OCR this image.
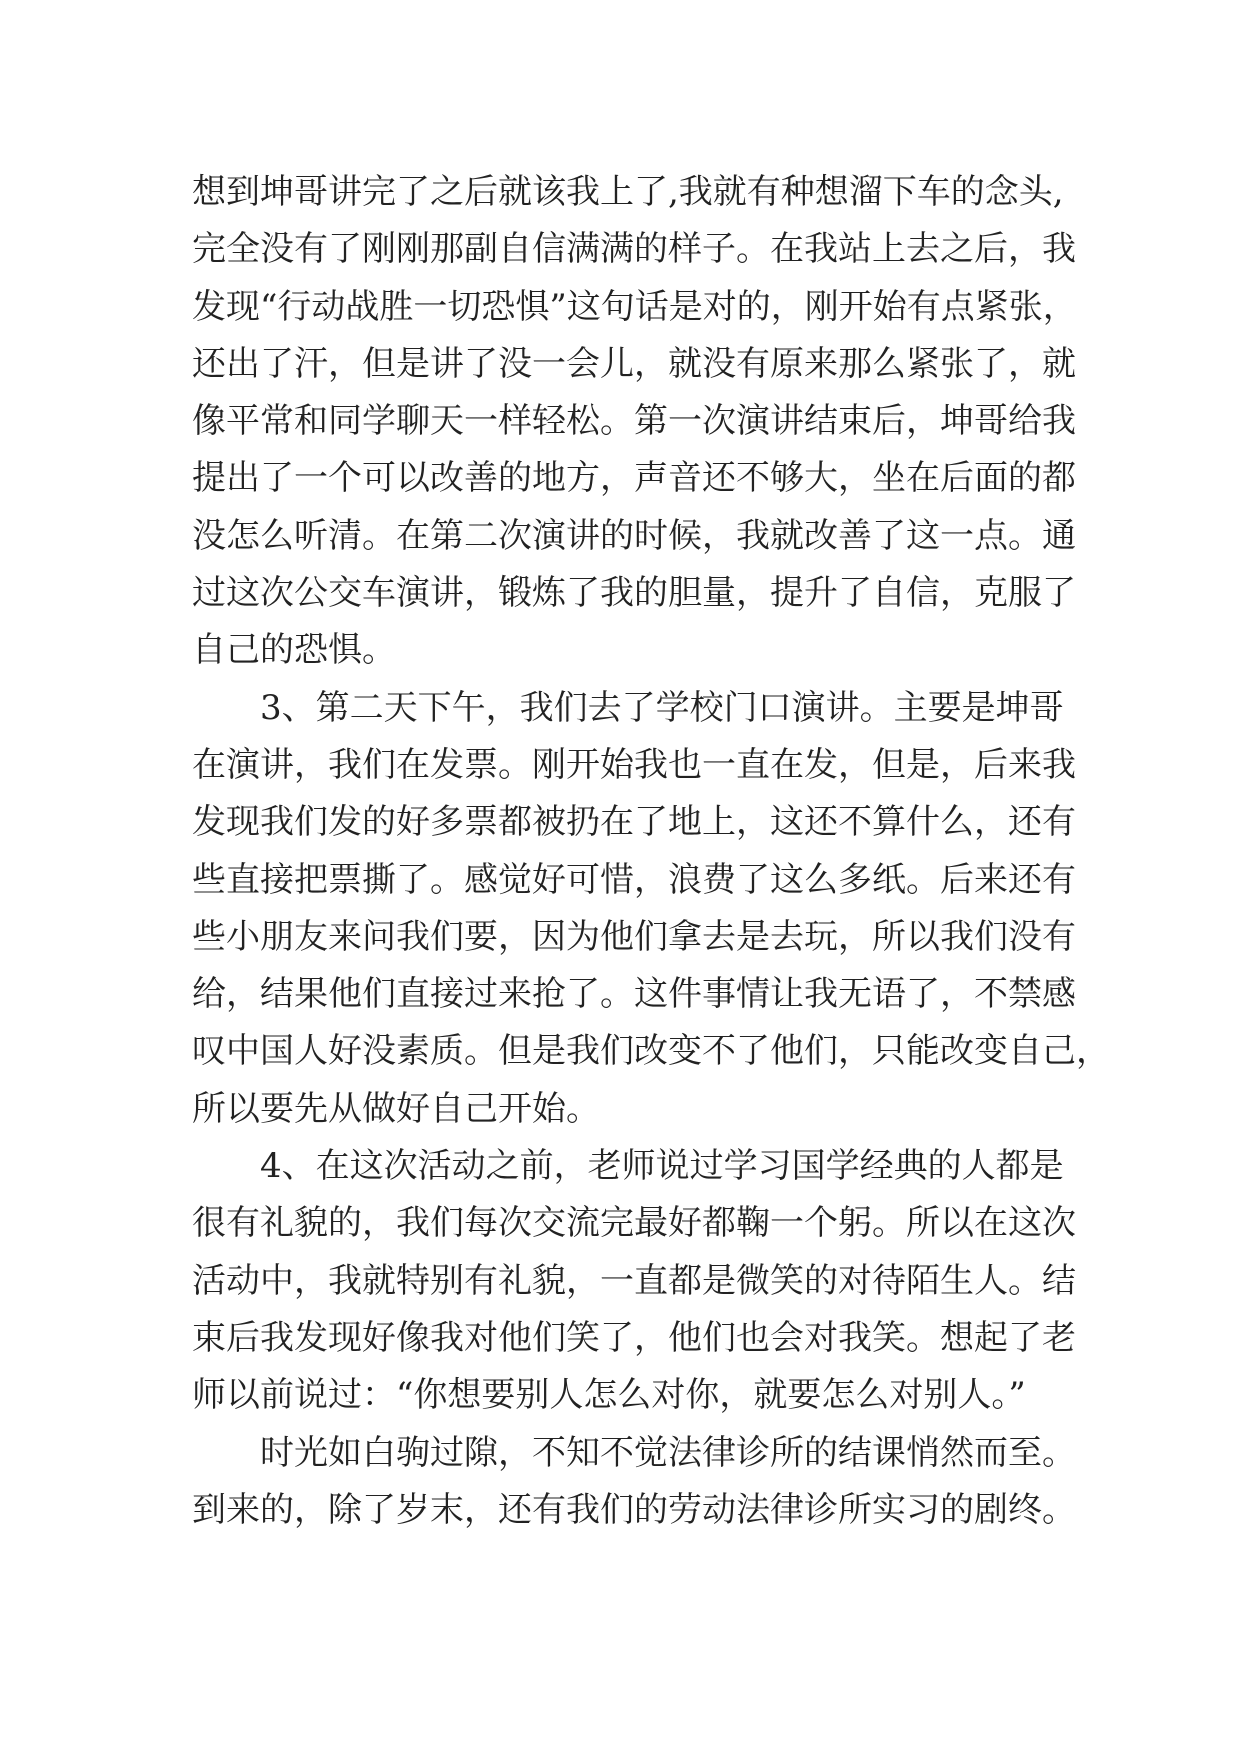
想到坤哥讲完了之后就该我上了,我就有种想溜下车的念头,
完全没有了刚刚那副自信满满的样子。在我站上去之后，我
发现“行动战胜一切恐惧”这句话是对的，刚开始有点紧张，
还出了汗，但是讲了没一会儿，就没有原来那么紧张了，就
像平常和同学聊天一样轻松。第一次演讲结束后，坤哥给我
提出了一个可以改善的地方，声音还不够大，坐在后面的都
没怎么听清。在第二次演讲的时候，我就改善了这一点。通
过这次公交车演讲，锻炼了我的胆量，提升了自信，克服了
自己的恐惧。
　　3、第二天下午，我们去了学校门口演讲。主要是坤哥
在演讲，我们在发票。刚开始我也一直在发，但是，后来我
发现我们发的好多票都被扔在了地上，这还不算什么，还有
些直接把票撕了。感觉好可惜，浪费了这么多纸。后来还有
些小朋友来问我们要，因为他们拿去是去玩，所以我们没有
给，结果他们直接过来抢了。这件事情让我无语了，不禁感
叹中国人好没素质。但是我们改变不了他们，只能改变自己，
所以要先从做好自己开始。
　　4、在这次活动之前，老师说过学习国学经典的人都是
很有礼貌的，我们每次交流完最好都鞠一个躬。所以在这次
活动中，我就特别有礼貌，一直都是微笑的对待陌生人。结
束后我发现好像我对他们笑了，他们也会对我笑。想起了老
师以前说过：“你想要别人怎么对你，就要怎么对别人。”
　　时光如白驹过隙，不知不觉法律诊所的结课悄然而至。
到来的，除了岁末，还有我们的劳动法律诊所实习的剧终。
